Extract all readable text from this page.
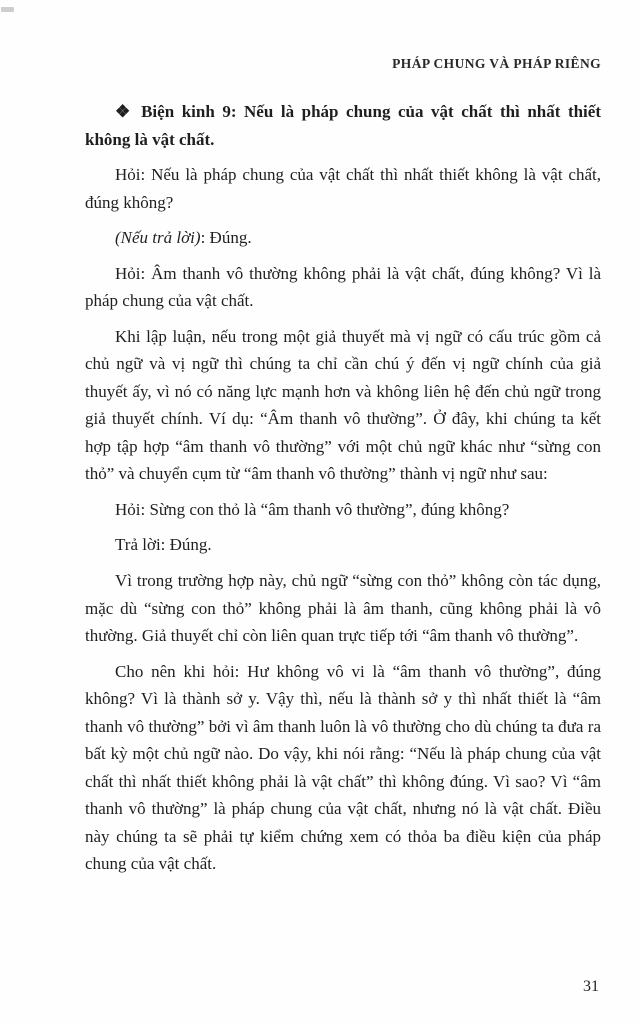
PHÁP CHUNG VÀ PHÁP RIÊNG

❖ Biện kinh 9: Nếu là pháp chung của vật chất thì nhất thiết không là vật chất.

Hỏi: Nếu là pháp chung của vật chất thì nhất thiết không là vật chất, đúng không?

(Nếu trả lời): Đúng.

Hỏi: Âm thanh vô thường không phải là vật chất, đúng không? Vì là pháp chung của vật chất.

Khi lập luận, nếu trong một giả thuyết mà vị ngữ có cấu trúc gồm cả chủ ngữ và vị ngữ thì chúng ta chỉ cần chú ý đến vị ngữ chính của giả thuyết ấy, vì nó có năng lực mạnh hơn và không liên hệ đến chủ ngữ trong giả thuyết chính. Ví dụ: “Âm thanh vô thường”. Ở đây, khi chúng ta kết hợp tập hợp “âm thanh vô thường” với một chủ ngữ khác như “sừng con thỏ” và chuyển cụm từ “âm thanh vô thường” thành vị ngữ như sau:

Hỏi: Sừng con thỏ là “âm thanh vô thường”, đúng không?

Trả lời: Đúng.

Vì trong trường hợp này, chủ ngữ “sừng con thỏ” không còn tác dụng, mặc dù “sừng con thỏ” không phải là âm thanh, cũng không phải là vô thường. Giả thuyết chỉ còn liên quan trực tiếp tới “âm thanh vô thường”.

Cho nên khi hỏi: Hư không vô vi là “âm thanh vô thường”, đúng không? Vì là thành sở y. Vậy thì, nếu là thành sở y thì nhất thiết là “âm thanh vô thường” bởi vì âm thanh luôn là vô thường cho dù chúng ta đưa ra bất kỳ một chủ ngữ nào. Do vậy, khi nói rằng: “Nếu là pháp chung của vật chất thì nhất thiết không phải là vật chất” thì không đúng. Vì sao? Vì “âm thanh vô thường” là pháp chung của vật chất, nhưng nó là vật chất. Điều này chúng ta sẽ phải tự kiểm chứng xem có thỏa ba điều kiện của pháp chung của vật chất.

31
